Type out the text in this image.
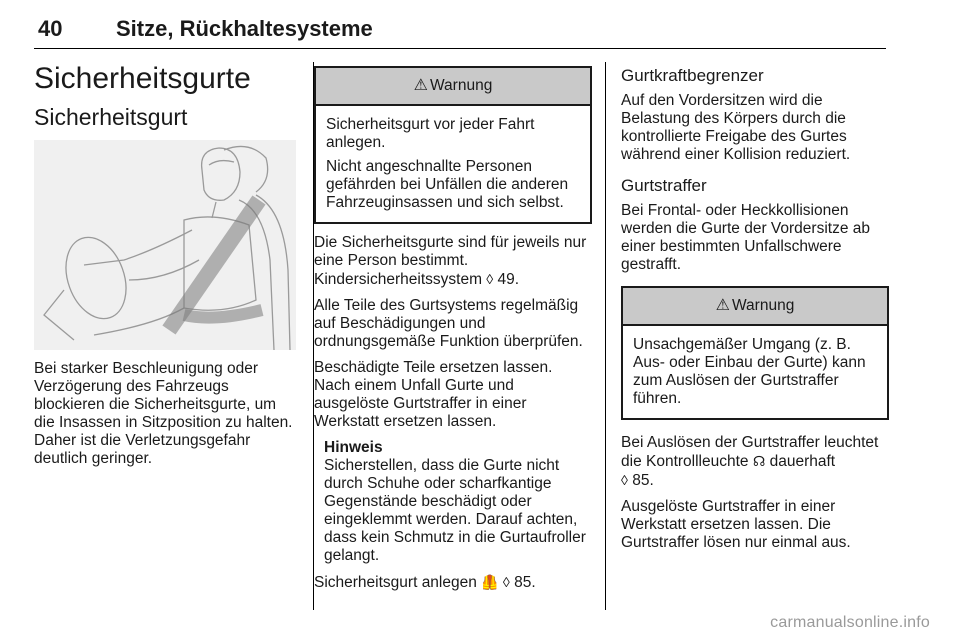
40 Sitze, Rückhaltesysteme
Sicherheitsgurte
Sicherheitsgurt

Bei starker Beschleunigung oder Verzögerung des Fahrzeugs blockieren die Sicherheitsgurte, um die Insassen in Sitzposition zu halten. Daher ist die Verletzungsgefahr deutlich geringer.

⚠ Warnung

Sicherheitsgurt vor jeder Fahrt anlegen.

Nicht angeschnallte Personen gefährden bei Unfällen die anderen Fahrzeuginsassen und sich selbst.

Die Sicherheitsgurte sind für jeweils nur eine Person bestimmt. Kindersicherheitssystem ◊ 49.

Alle Teile des Gurtsystems regelmäßig auf Beschädigungen und ordnungsgemäße Funktion überprüfen.

Beschädigte Teile ersetzen lassen. Nach einem Unfall Gurte und ausgelöste Gurtstraffer in einer Werkstatt ersetzen lassen.

Hinweis
Sicherstellen, dass die Gurte nicht durch Schuhe oder scharfkantige Gegenstände beschädigt oder eingeklemmt werden. Darauf achten, dass kein Schmutz in die Gurtaufroller gelangt.

Sicherheitsgurt anlegen 🦺 ◊ 85.

Gurtkraftbegrenzer

Auf den Vordersitzen wird die Belastung des Körpers durch die kontrollierte Freigabe des Gurtes während einer Kollision reduziert.

Gurtstraffer

Bei Frontal- oder Heckkollisionen werden die Gurte der Vordersitze ab einer bestimmten Unfallschwere gestrafft.

⚠ Warnung

Unsachgemäßer Umgang (z. B. Aus- oder Einbau der Gurte) kann zum Auslösen der Gurtstraffer führen.

Bei Auslösen der Gurtstraffer leuchtet die Kontrollleuchte ☊ dauerhaft
◊ 85.

Ausgelöste Gurtstraffer in einer Werkstatt ersetzen lassen. Die Gurtstraffer lösen nur einmal aus.

carmanualsonline.info
